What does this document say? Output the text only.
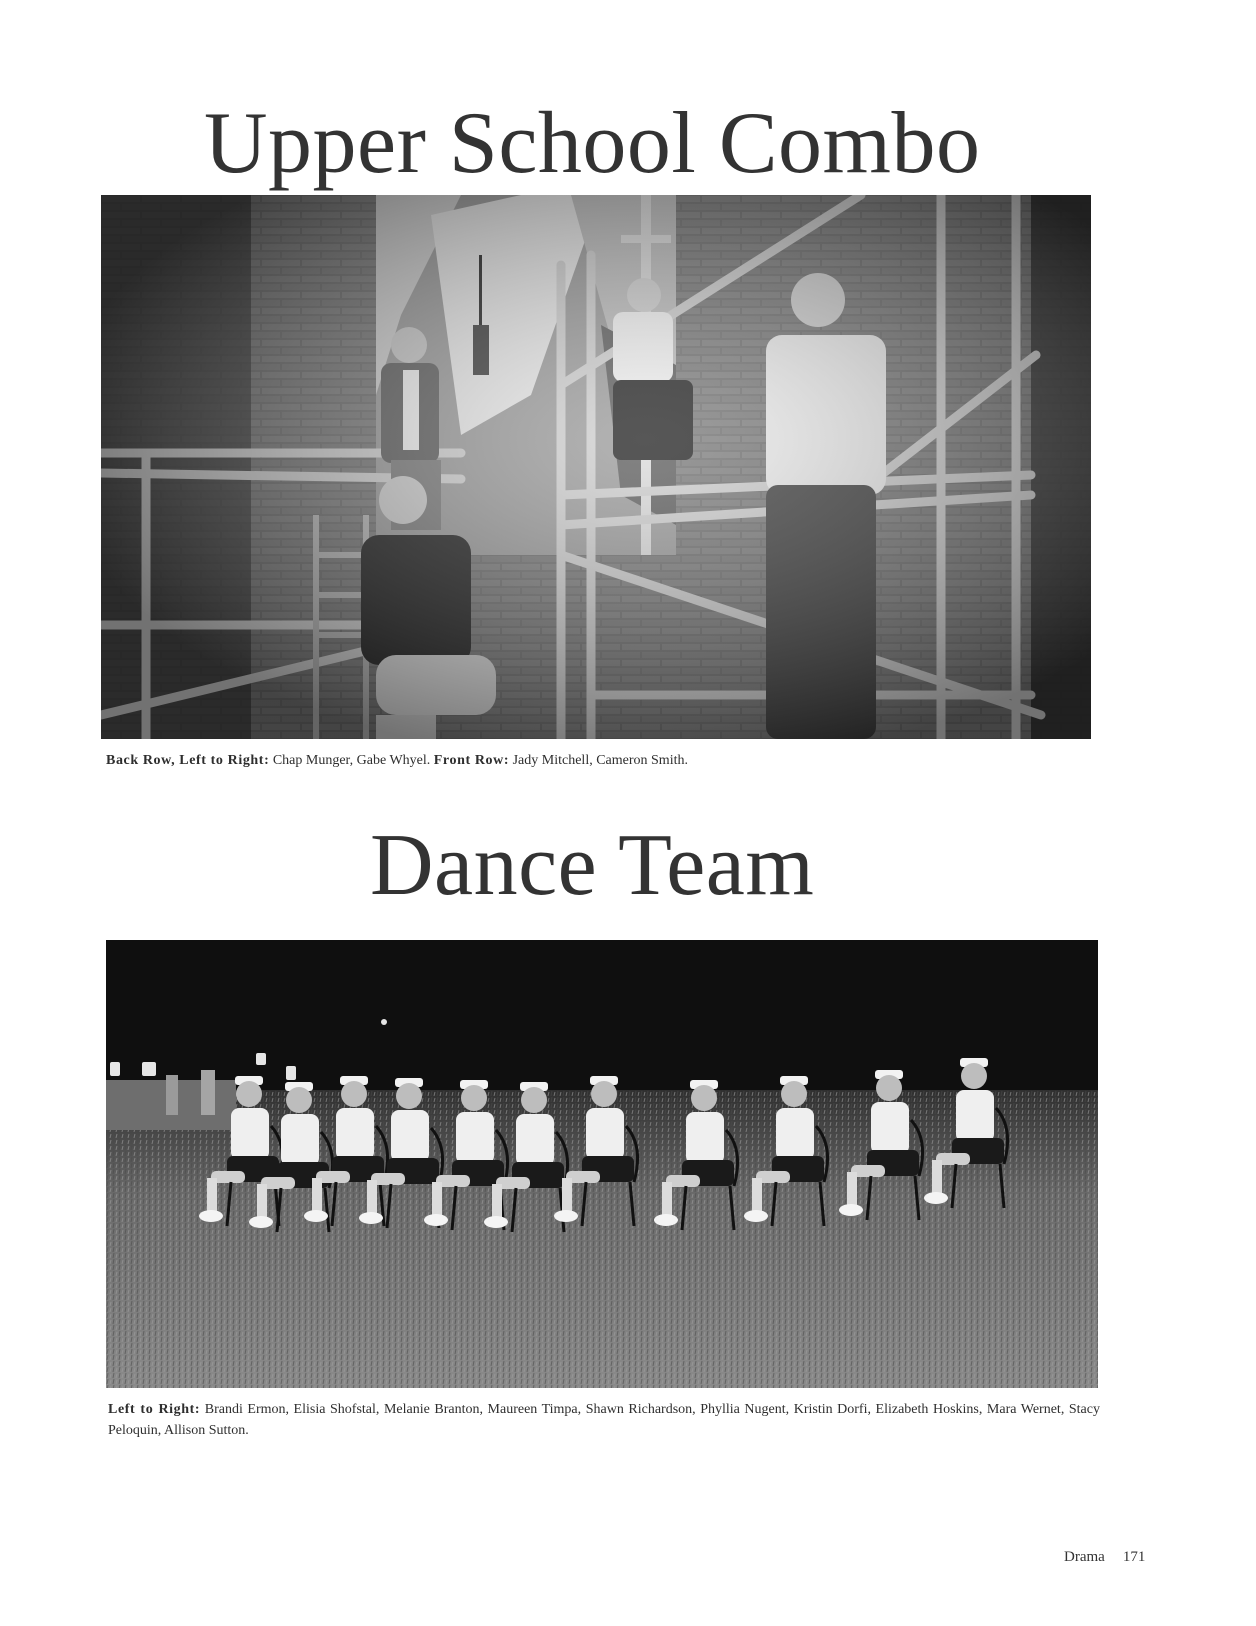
Upper School Combo
Back Row, Left to Right: Chap Munger, Gabe Whyel. Front Row: Jady Mitchell, Cameron Smith.
Dance Team
Left to Right: Brandi Ermon, Elisia Shofstal, Melanie Branton, Maureen Timpa, Shawn Richardson, Phyllia Nugent, Kristin Dorfi, Elizabeth Hoskins, Mara Wernet, Stacy Peloquin, Allison Sutton.
Drama 171
